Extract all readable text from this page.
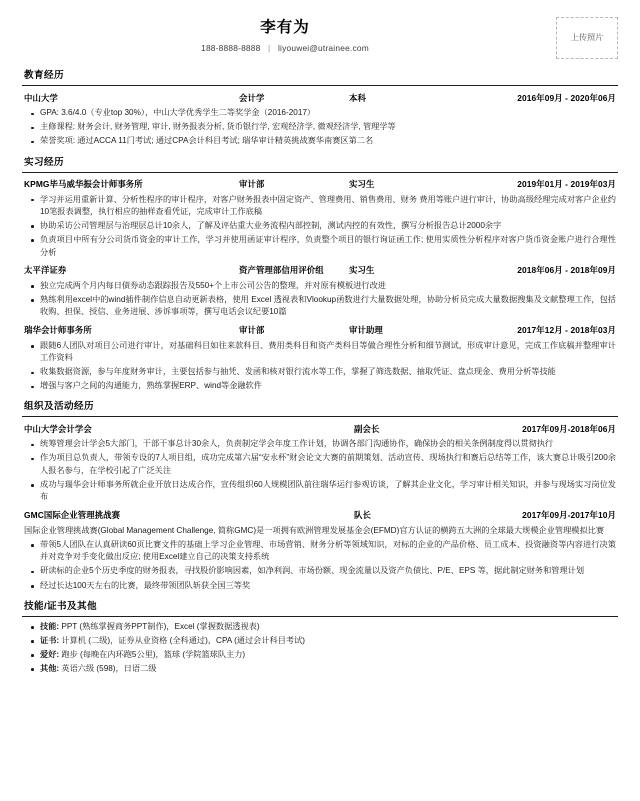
李有为
188-8888-8888 | liyouwei@utrainee.com
上传照片
教育经历
中山大学	会计学	本科	2016年09月 - 2020年06月
GPA: 3.6/4.0（专业top 30%），中山大学优秀学生二等奖学金（2016-2017）
主修课程: 财务会计, 财务管理, 审计, 财务报表分析, 货币银行学, 宏观经济学, 微观经济学, 管理学等
荣誉奖项: 通过ACCA 11门考试; 通过CPA会计科目考试; 瑞华审计精英挑战赛华南赛区第二名
实习经历
KPMG毕马威华振会计师事务所	审计部	实习生	2019年01月 - 2019年03月
学习并运用重新计算、分析性程序的审计程序，对客户财务报表中固定资产、管理费用、销售费用、财务 费用等账户进行审计，协助高级经理完成对客户企业约10笔报表调整，执行相应的抽样查看凭证，完成审计工作底稿
协助采访公司管理层与治理层总计10余人，了解及评估重大业务流程内部控制，测试内控的有效性，撰写分析报告总计2000余字
负责项目中所有分公司货币资金的审计工作，学习并使用函证审计程序，负责整个项目的银行询证函工作; 使用实质性分析程序对客户货币资金账户进行合理性分析
太平洋证券	资产管理部信用评价组	实习生	2018年06月 - 2018年09月
独立完成两个月内每日债券动态跟踪报告及550+个上市公司公告的整理，并对原有模板进行改进
熟练利用excel中的wind插件制作信息自动更新表格，使用 Excel 透视表和Vlookup函数进行大量数据处理，协助分析员完成大量数据搜集及文献整理工作，包括收购、担保、授信、业务进展、涉诉事项等，撰写电话会议纪要10篇
瑞华会计师事务所	审计部	审计助理	2017年12月 - 2018年03月
跟随6人团队对项目公司进行审计，对基础科目如往来款科目、费用类科目和资产类科目等做合理性分析和细节测试，形成审计意见，完成工作底稿并整理审计工作资料
收集数据资源，参与年度财务审计，主要包括参与抽凭、发函和核对银行流水等工作，掌握了筛选数据、抽取凭证、盘点现金、费用分析等技能
增强与客户之间的沟通能力，熟练掌握ERP、wind等金融软件
组织及活动经历
中山大学会计学会	副会长	2017年09月-2018年06月
统筹管理会计学会5大部门，干部干事总计30余人，负责制定学会年度工作计划，协调各部门沟通协作，确保协会的相关条例制度得以贯彻执行
作为项目总负责人，带领专设的7人项目组，成功完成第六届“安永杯”财会论文大赛的前期策划、活动宣传、现场执行和赛后总结等工作，该大赛总计吸引200余人报名参与，在学校引起了广泛关注
成功与瑞华会计师事务所就企业开放日达成合作，宣传组织60人规模团队前往瑞华运行参观访谈，了解其企业文化，学习审计相关知识，并参与现场实习岗位发布
GMC国际企业管理挑战赛	队长	2017年09月-2017年10月
国际企业管理挑战赛(Global Management Challenge, 简称GMC)是一项拥有欧洲管理发展基金会(EFMD)官方认证的横跨五大洲的全球最大规模企业管理模拟比赛
带领5人团队在认真研读60页比赛文件的基础上学习企业管理、市场营销、财务分析等领域知识，对标的企业的产品价格、员工成本、投资融资等内容进行决策并对竞争对手变化做出反应; 使用Excel建立自己的决策支持系统
研读标的企业5个历史季度的财务报表，寻找股价影响因素，如净利润、市场份额、现金流量以及资产负债比、P/E、EPS 等，据此制定财务和管理计划
经过长达100天左右的比赛，最终带领团队斩获全国三等奖
技能/证书及其他
技能: PPT (熟练掌握商务PPT制作)，Excel (掌握数据透视表)
证书: 计算机 (二级)，证券从业资格 (全科通过)，CPA (通过会计科目考试)
爱好: 跑步 (每晚在内环跑5公里)，篮球 (学院篮球队主力)
其他: 英语六级 (598)，日语二级
